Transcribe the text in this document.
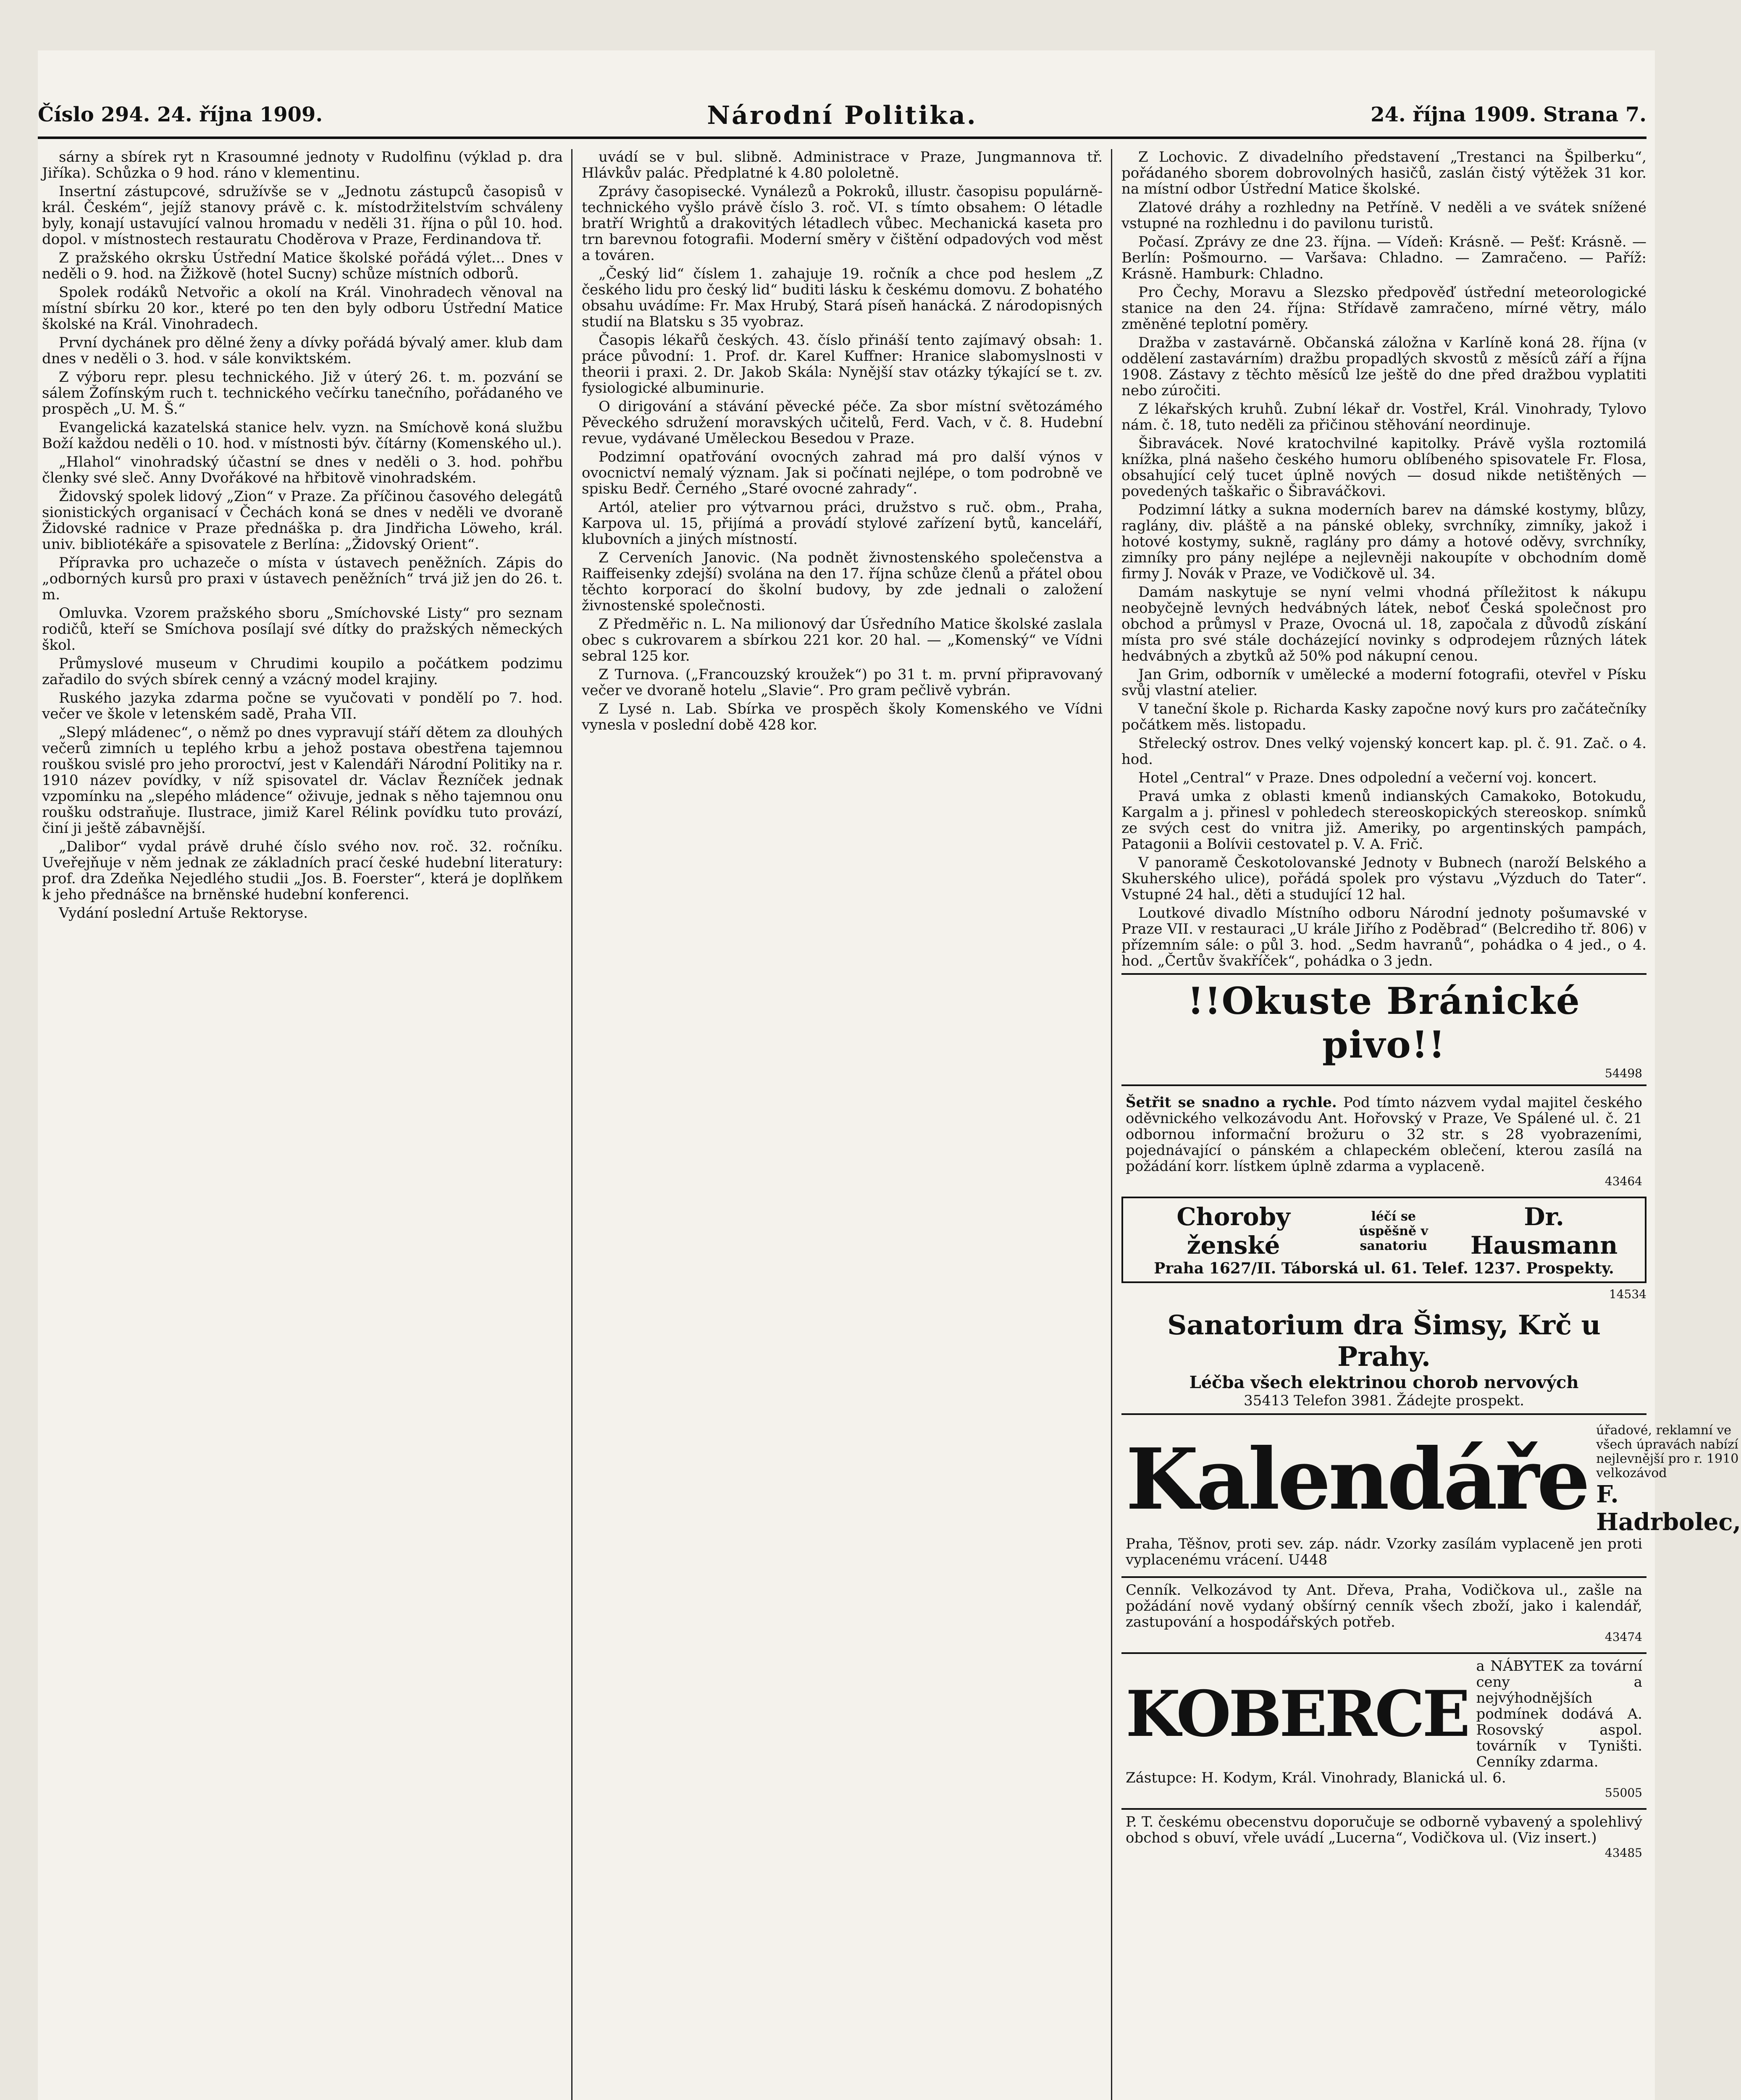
Číslo 294. 24. října 1909.	Národní Politika.	24. října 1909. Strana 7.

sárny a sbírek ryt n Krasoumné jednoty v Rudolfinu (výklad p. dra Jiříka). Schůzka o 9 hod. ráno v klementinu.

Insertní zástupcové, sdružívše se v „Jednotu zástupců časopisů v král. Českém“, jejíž stanovy právě c. k. místodržitelstvím schváleny byly, konají ustavující valnou hromadu v neděli 31. října o půl 10. hod. dopol. v místnostech restauratu Choděrova v Praze, Ferdinandova tř.

Z pražského okrsku Ústřední Matice školské pořádá výlet... Dnes v neděli o 9. hod. na Žižkově (hotel Sucny) schůze místních odborů.

Spolek rodáků Netvořic a okolí na Král. Vinohradech věnoval na místní sbírku 20 kor., které po ten den byly odboru Ústřední Matice školské na Král. Vinohradech.

První dychánek pro dělné ženy a dívky pořádá bývalý amer. klub dam dnes v neděli o 3. hod. v sále konviktském.

Z výboru repr. plesu technického. Již v úterý 26. t. m. pozvání se sálem Žofínským ruch t. technického večírku tanečního, pořádaného ve prospěch „U. M. Š.“

Evangelická kazatelská stanice helv. vyzn. na Smíchově koná službu Boží každou neděli o 10. hod. v místnosti býv. čítárny (Komenského ul.).

„Hlahol“ vinohradský účastní se dnes v neděli o 3. hod. pohřbu členky své sleč. Anny Dvořákové na hřbitově vinohradském.

Židovský spolek lidový „Zion“ v Praze. Za příčinou časového delegátů sionistických organisací v Čechách koná se dnes v neděli ve dvoraně Židovské radnice v Praze přednáška p. dra Jindřicha Löweho, král. univ. bibliotékáře a spisovatele z Berlína: „Židovský Orient“.

Přípravka pro uchazeče o místa v ústavech peněžních. Zápis do „odborných kursů pro praxi v ústavech peněžních“ trvá již jen do 26. t. m.

Omluvka. Vzorem pražského sboru „Smíchovské Listy“ pro seznam rodičů, kteří se Smíchova posílají své dítky do pražských německých škol.

Průmyslové museum v Chrudimi koupilo a počátkem podzimu zařadilo do svých sbírek cenný a vzácný model krajiny.

Ruského jazyka zdarma počne se vyučovati v pondělí po 7. hod. večer ve škole v letenském sadě, Praha VII.

„Slepý mládenec“, o němž po dnes vypravují stáří dětem za dlouhých večerů zimních u teplého krbu a jehož postava obestřena tajemnou rouškou svislé pro jeho proroctví, jest v Kalendáři Národní Politiky na r. 1910 název povídky, v níž spisovatel dr. Václav Řezníček jednak vzpomínku na „slepého mládence“ oživuje, jednak s něho tajemnou onu roušku odstraňuje. Ilustrace, jimiž Karel Rélink povídku tuto provází, činí ji ještě zábavnější.

„Dalibor“ vydal právě druhé číslo svého nov. roč. 32. ročníku. Uveřejňuje v něm jednak ze základních prací české hudební literatury: prof. dra Zdeňka Nejedlého studii „Jos. B. Foerster“, která je doplňkem k jeho přednášce na brněnské hudební konferenci.

Vydání poslední Artuše Rektoryse.

uvádí se v bul. slibně. Administrace v Praze, Jungmannova tř. Hlávkův palác. Předplatné k 4.80 pololetně.

Zprávy časopisecké. Vynálezů a Pokroků, illustr. časopisu populárně-technického vyšlo právě číslo 3. roč. VI. s tímto obsahem: O létadle bratří Wrightů a drakovitých létadlech vůbec. Mechanická kaseta pro trn barevnou fotografii. Moderní směry v čištění odpadových vod měst a továren.

„Český lid“ číslem 1. zahajuje 19. ročník a chce pod heslem „Z českého lidu pro český lid“ buditi lásku k českému domovu. Z bohatého obsahu uvádíme: Fr. Max Hrubý, Stará píseň hanácká. Z národopisných studií na Blatsku s 35 vyobraz.

Časopis lékařů českých. 43. číslo přináší tento zajímavý obsah: 1. práce původní: 1. Prof. dr. Karel Kuffner: Hranice slabomyslnosti v theorii i praxi. 2. Dr. Jakob Skála: Nynější stav otázky týkající se t. zv. fysiologické albuminurie.

O dirigování a stávání pěvecké péče. Za sbor místní světozámého Pěveckého sdružení moravských učitelů, Ferd. Vach, v č. 8. Hudební revue, vydávané Uměleckou Besedou v Praze.

Podzimní opatřování ovocných zahrad má pro další výnos v ovocnictví nemalý význam. Jak si počínati nejlépe, o tom podrobně ve spisku Bedř. Černého „Staré ovocné zahrady“.

Artól, atelier pro výtvarnou práci, družstvo s ruč. obm., Praha, Karpova ul. 15, přijímá a provádí stylové zařízení bytů, kanceláří, klubovních a jiných místností.

Z Cerveních Janovic. (Na podnět živnostenského společenstva a Raiffeisenky zdejší) svolána na den 17. října schůze členů a přátel obou těchto korporací do školní budovy, by zde jednali o založení živnostenské společnosti.

Z Předměřic n. L. Na milionový dar Úsředního Matice školské zaslala obec s cukrovarem a sbírkou 221 kor. 20 hal. — „Komenský“ ve Vídni sebral 125 kor.

Z Turnova. („Francouzský kroužek“) po 31 t. m. první připravovaný večer ve dvoraně hotelu „Slavie“. Pro gram pečlivě vybrán.

Z Lysé n. Lab. Sbírka ve prospěch školy Komenského ve Vídni vynesla v poslední době 428 kor.

Z Lochovic. Z divadelního představení „Trestanci na Špilberku“, pořádaného sborem dobrovolných hasičů, zaslán čistý výtěžek 31 kor. na místní odbor Ústřední Matice školské.

Zlatové dráhy a rozhledny na Petříně. V neděli a ve svátek snížené vstupné na rozhlednu i do pavilonu turistů.

Počasí. Zprávy ze dne 23. října. — Vídeň: Krásně. — Pešť: Krásně. — Berlín: Pošmourno. — Varšava: Chladno. — Zamračeno. — Paříž: Krásně. Hamburk: Chladno.

Pro Čechy, Moravu a Slezsko předpověď ústřední meteorologické stanice na den 24. října: Střídavě zamračeno, mírné větry, málo změněné teplotní poměry.

Dražba v zastavárně. Občanská záložna v Karlíně koná 28. října (v oddělení zastavárním) dražbu propadlých skvostů z měsíců září a října 1908. Zástavy z těchto měsíců lze ještě do dne před dražbou vyplatiti nebo zúročiti.

Z lékařských kruhů. Zubní lékař dr. Vostřel, Král. Vinohrady, Tylovo nám. č. 18, tuto neděli za přičinou stěhování neordinuje.

Šibravácek. Nové kratochvilné kapitolky. Právě vyšla roztomilá knížka, plná našeho českého humoru oblíbeného spisovatele Fr. Flosa, obsahující celý tucet úplně nových — dosud nikde netištěných — povedených taškařic o Šibraváčkovi.

Podzimní látky a sukna moderních barev na dámské kostymy, blůzy, raglány, div. pláště a na pánské obleky, svrchníky, zimníky, jakož i hotové kostymy, sukně, raglány pro dámy a hotové oděvy, svrchníky, zimníky pro pány nejlépe a nejlevněji nakoupíte v obchodním domě firmy J. Novák v Praze, ve Vodičkově ul. 34.

Damám naskytuje se nyní velmi vhodná příležitost k nákupu neobyčejně levných hedvábných látek, neboť Česká společnost pro obchod a průmysl v Praze, Ovocná ul. 18, započala z důvodů získání místa pro své stále docházející novinky s odprodejem různých látek hedvábných a zbytků až 50% pod nákupní cenou.

Jan Grim, odborník v umělecké a moderní fotografii, otevřel v Písku svůj vlastní atelier.

V taneční škole p. Richarda Kasky započne nový kurs pro začátečníky počátkem měs. listopadu.

Střelecký ostrov. Dnes velký vojenský koncert kap. pl. č. 91. Zač. o 4. hod.

Hotel „Central“ v Praze. Dnes odpolední a večerní voj. koncert.

Pravá umka z oblasti kmenů indianských Camakoko, Botokudu, Kargalm a j. přinesl v pohledech stereoskopických stereoskop. snímků ze svých cest do vnitra již. Ameriky, po argentinských pampách, Patagonii a Bolívii cestovatel p. V. A. Frič.

V panoramě Českotolovanské Jednoty v Bubnech (naroží Belského a Skuherského ulice), pořádá spolek pro výstavu „Výzduch do Tater“. Vstupné 24 hal., děti a studující 12 hal.

Loutkové divadlo Místního odboru Národní jednoty pošumavské v Praze VII. v restauraci „U krále Jiřího z Poděbrad“ (Belcrediho tř. 806) v přízemním sále: o půl 3. hod. „Sedm havranů“, pohádka o 4 jed., o 4. hod. „Čertův švakříček“, pohádka o 3 jedn.

!!Okuste Bránické pivo!!
54498
Šetřit se snadno a rychle. Pod tímto názvem vydal majitel českého oděvnického velkozávodu Ant. Hořovský v Praze, Ve Spálené ul. č. 21 odbornou informační brožuru o 32 str. s 28 vyobrazeními, pojednávající o pánském a chlapeckém oblečení, kterou zasílá na požádání korr. lístkem úplně zdarma a vyplaceně.
43464
Choroby ženské
léčí se úspěšně v sanatoriu
Dr. Hausmann
Praha 1627/II. Táborská ul. 61. Telef. 1237. Prospekty.
14534
Sanatorium dra Šimsy, Krč u Prahy.
Léčba všech elektrinou chorob nervových
35413 Telefon 3981. Žádejte prospekt.
Kalendáře úřadové, reklamní ve všech úpravách nabízí nejlevnější pro r. 1910 velkozávod
F. Hadrbolec,
Praha, Těšnov, proti sev. záp. nádr. Vzorky zasílám vyplaceně jen proti vyplacenému vrácení. U448
Cenník. Velkozávod ty Ant. Dřeva, Praha, Vodičkova ul., zašle na požádání nově vydaný obšírný cenník všech zboží, jako i kalendář, zastupování a hospodářských potřeb.
43474
KOBERCE
a NÁBYTEK za tovární ceny a nejvýhodnějších podmínek dodává A. Rosovský aspol. továrník v Tyništi. Cenníky zdarma.
Zástupce: H. Kodym, Král. Vinohrady, Blanická ul. 6.
55005
P. T. českému obecenstvu doporučuje se odborně vybavený a spolehlivý obchod s obuví, vřele uvádí „Lucerna“, Vodičkova ul. (Viz insert.)
43485
